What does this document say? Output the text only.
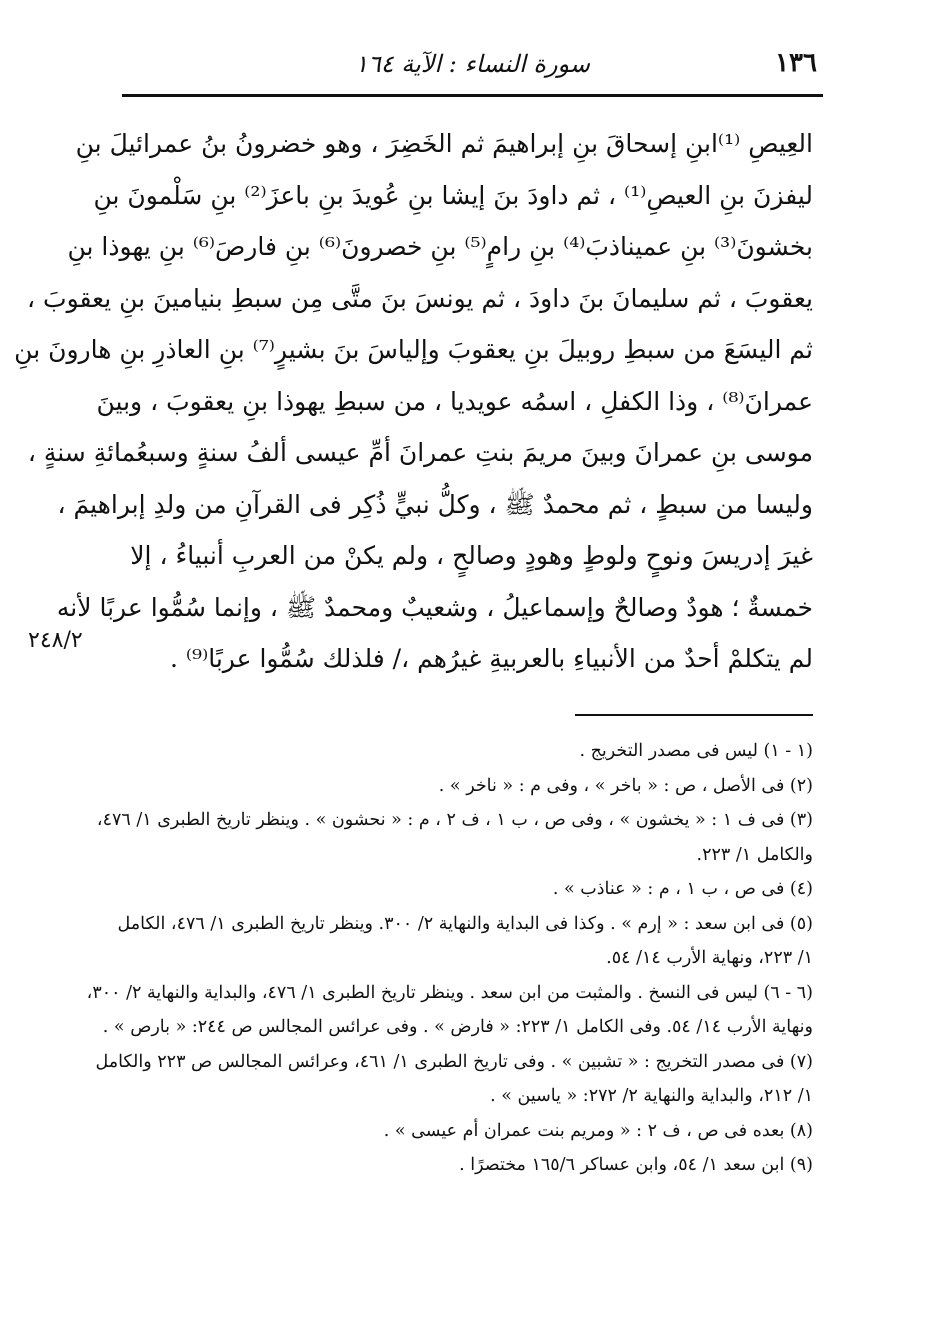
١٣٦
سورة النساء : الآية ١٦٤
العِيصِ ⁽¹⁾ابنِ إسحاقَ بنِ إبراهيمَ ثم الخَضِرَ ، وهو خضرونُ بنُ عمرائيلَ بنِ
ليفزنَ بنِ العيصِ⁽¹⁾ ، ثم داودَ بنَ إيشا بنِ عُويدَ بنِ باعزَ⁽²⁾ بنِ سَلْمونَ بنِ
بخشونَ⁽³⁾ بنِ عميناذبَ⁽⁴⁾ بنِ رامٍ⁽⁵⁾ بنِ خصرونَ⁽⁶⁾ بنِ فارصَ⁽⁶⁾ بنِ يهوذا بنِ
يعقوبَ ، ثم سليمانَ بنَ داودَ ، ثم يونسَ بنَ متَّى مِن سبطِ بنيامينَ بنِ يعقوبَ ،
ثم اليسَعَ من سبطِ روبيلَ بنِ يعقوبَ وإلياسَ بنَ بشيرٍ⁽⁷⁾ بنِ العاذرِ بنِ هارونَ بنِ
عمرانَ⁽⁸⁾ ، وذا الكفلِ ، اسمُه عويديا ، من سبطِ يهوذا بنِ يعقوبَ ، وبينَ
موسى بنِ عمرانَ وبينَ مريمَ بنتِ عمرانَ أمِّ عيسى ألفُ سنةٍ وسبعُمائةِ سنةٍ ،
وليسا من سبطٍ ، ثم محمدٌ ﷺ ، وكلُّ نبيٍّ ذُكِر فى القرآنِ من ولدِ إبراهيمَ ،
غيرَ إدريسَ ونوحٍ ولوطٍ وهودٍ وصالحٍ ، ولم يكنْ من العربِ أنبياءُ ، إلا
خمسةٌ ؛ هودٌ وصالحٌ وإسماعيلُ ، وشعيبٌ ومحمدٌ ﷺ ، وإنما سُمُّوا عربًا لأنه
لم يتكلمْ أحدٌ من الأنبياءِ بالعربيةِ غيرُهم ،/ فلذلك سُمُّوا عربًا⁽⁹⁾ .
٢٤٨/٢
(١ - ١) ليس فى مصدر التخريج .
(٢) فى الأصل ، ص : « باخر » ، وفى م : « ناخر » .
(٣) فى ف ١ : « يخشون » ، وفى ص ، ب ١ ، ف ٢ ، م : « نحشون » . وينظر تاريخ الطبرى ١/ ٤٧٦،
والكامل ١/ ٢٢٣.
(٤) فى ص ، ب ١ ، م : « عناذب » .
(٥) فى ابن سعد : « إرم » . وكذا فى البداية والنهاية ٢/ ٣٠٠. وينظر تاريخ الطبرى ١/ ٤٧٦، الكامل
١/ ٢٢٣، ونهاية الأرب ١٤/ ٥٤.
(٦ - ٦) ليس فى النسخ . والمثبت من ابن سعد . وينظر تاريخ الطبرى ١/ ٤٧٦، والبداية والنهاية ٢/ ٣٠٠،
ونهاية الأرب ١٤/ ٥٤. وفى الكامل ١/ ٢٢٣: « فارض » . وفى عرائس المجالس ص ٢٤٤: « بارص » .
(٧) فى مصدر التخريج : « تشبين » . وفى تاريخ الطبرى ١/ ٤٦١، وعرائس المجالس ص ٢٢٣ والكامل
١/ ٢١٢، والبداية والنهاية ٢/ ٢٧٢: « ياسين » .
(٨) بعده فى ص ، ف ٢ : « ومريم بنت عمران أم عيسى » .
(٩) ابن سعد ١/ ٥٤، وابن عساكر ١٦٥/٦ مختصرًا .
